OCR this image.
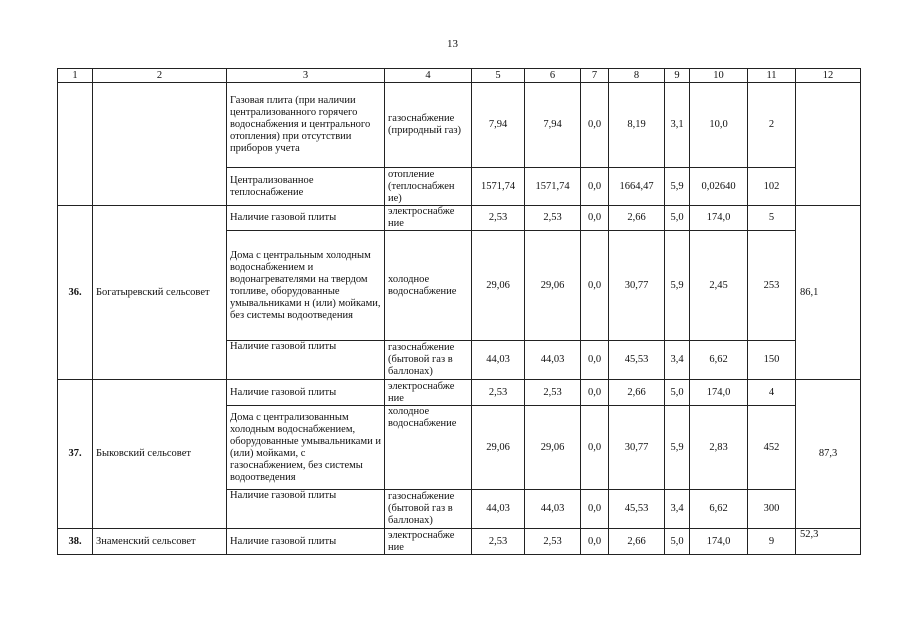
13
1	2	3	4	5	6	7	8	9	10	11	12
		Газовая плита (при наличии централизованного горячего водоснабжения и центрального отопления) при отсутствии приборов учета	газоснабжение (природный газ)	7,94	7,94	0,0	8,19	3,1	10,0	2	
		Централизованное теплоснабжение	отопление (теплоснабжен ие)	1571,74	1571,74	0,0	1664,47	5,9	0,02640	102	
36.	Богатыревский сельсовет	Наличие газовой плиты	электроснабже ние	2,53	2,53	0,0	2,66	5,0	174,0	5	86,1
		Дома с центральным холодным водоснабжением и водонагревателями на твердом топливе, оборудованные умывальниками н (или) мойками, без системы водоотведения	холодное водоснабжение	29,06	29,06	0,0	30,77	5,9	2,45	253	
		Наличие газовой плиты	газоснабжение (бытовой газ в баллонах)	44,03	44,03	0,0	45,53	3,4	6,62	150	
37.	Быковский сельсовет	Наличие газовой плиты	электроснабже ние	2,53	2,53	0,0	2,66	5,0	174,0	4	87,3
		Дома с централизованным холодным водоснабжением, оборудованные умывальниками и (или) мойками, с газоснабжением, без системы водоотведения	холодное водоснабжение	29,06	29,06	0,0	30,77	5,9	2,83	452	
		Наличие газовой плиты	газоснабжение (бытовой газ в баллонах)	44,03	44,03	0,0	45,53	3,4	6,62	300	
38.	Знаменский сельсовет	Наличие газовой плиты	электроснабже ние	2,53	2,53	0,0	2,66	5,0	174,0	9	52,3
